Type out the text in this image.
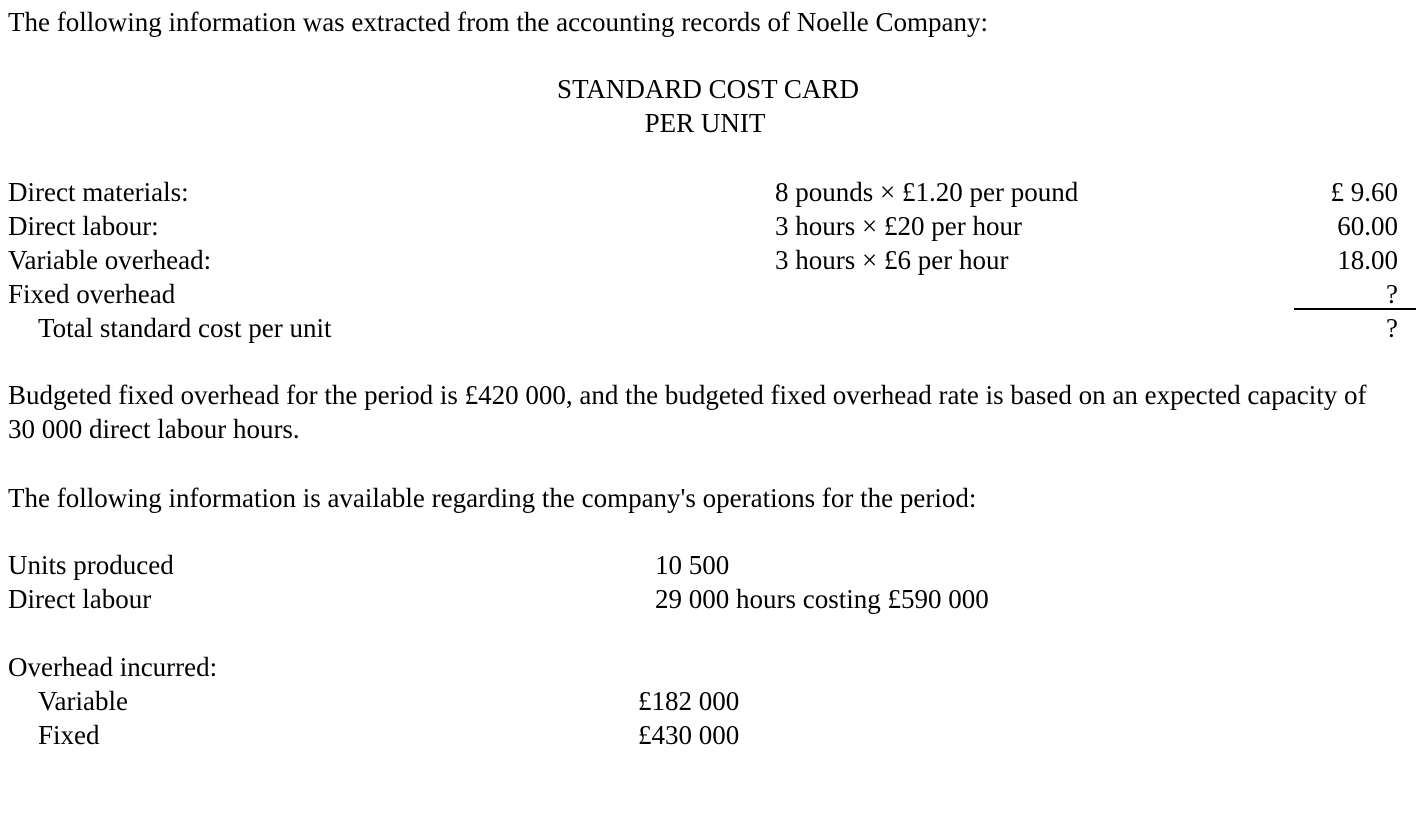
The following information was extracted from the accounting records of Noelle Company:
STANDARD COST CARD
PER UNIT
Direct materials:	8 pounds × £1.20 per pound	£ 9.60
Direct labour:	3 hours × £20 per hour	60.00
Variable overhead:	3 hours × £6 per hour	18.00
Fixed overhead		?

Total standard cost per unit		?
Budgeted fixed overhead for the period is £420 000, and the budgeted fixed overhead rate is based on an expected capacity of 30 000 direct labour hours.
The following information is available regarding the company's operations for the period:
Units produced	10 500
Direct labour	29 000 hours costing £590 000
Overhead incurred:
Variable	£182 000
Fixed	£430 000
